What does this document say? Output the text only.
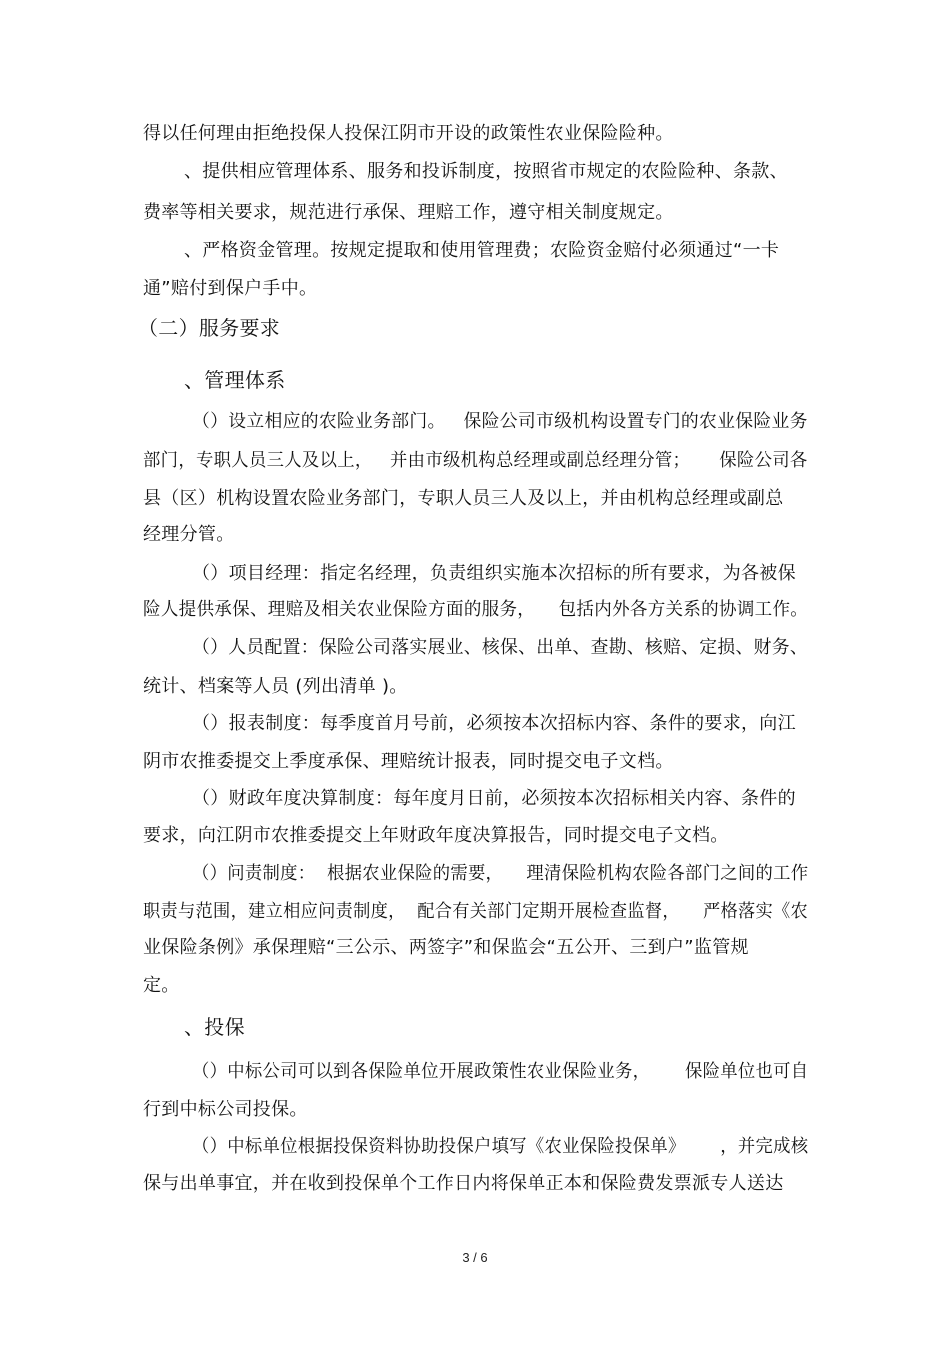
得以任何理由拒绝投保人投保江阴市开设的政策性农业保险险种。
、提供相应管理体系、服务和投诉制度，按照省市规定的农险险种、条款、
费率等相关要求，规范进行承保、理赔工作，遵守相关制度规定。
、严格资金管理。按规定提取和使用管理费；农险资金赔付必须通过“一卡
通”赔付到保户手中。
（二）服务要求
、管理体系
（）设立相应的农险业务部门。   保险公司市级机构设置专门的农业保险业务
部门，专职人员三人及以上，   并由市级机构总经理或副总经理分管；     保险公司各
县（区）机构设置农险业务部门，专职人员三人及以上，并由机构总经理或副总
经理分管。
（）项目经理：指定名经理，负责组织实施本次招标的所有要求，为各被保
险人提供承保、理赔及相关农业保险方面的服务，    包括内外各方关系的协调工作。
（）人员配置：保险公司落实展业、核保、出单、查勘、核赔、定损、财务、
统计、档案等人员 (列出清单 )。
（）报表制度：每季度首月号前，必须按本次招标内容、条件的要求，向江
阴市农推委提交上季度承保、理赔统计报表，同时提交电子文档。
（）财政年度决算制度：每年度月日前，必须按本次招标相关内容、条件的
要求，向江阴市农推委提交上年财政年度决算报告，同时提交电子文档。
（）问责制度：  根据农业保险的需要，    理清保险机构农险各部门之间的工作
职责与范围，建立相应问责制度，  配合有关部门定期开展检查监督，    严格落实《农
业保险条例》承保理赔“三公示、两签字”和保监会“五公开、三到户”监管规
定。
、投保
（）中标公司可以到各保险单位开展政策性农业保险业务，      保险单位也可自
行到中标公司投保。
（）中标单位根据投保资料协助投保户填写《农业保险投保单》      ，并完成核
保与出单事宜，并在收到投保单个工作日内将保单正本和保险费发票派专人送达
3 / 6
